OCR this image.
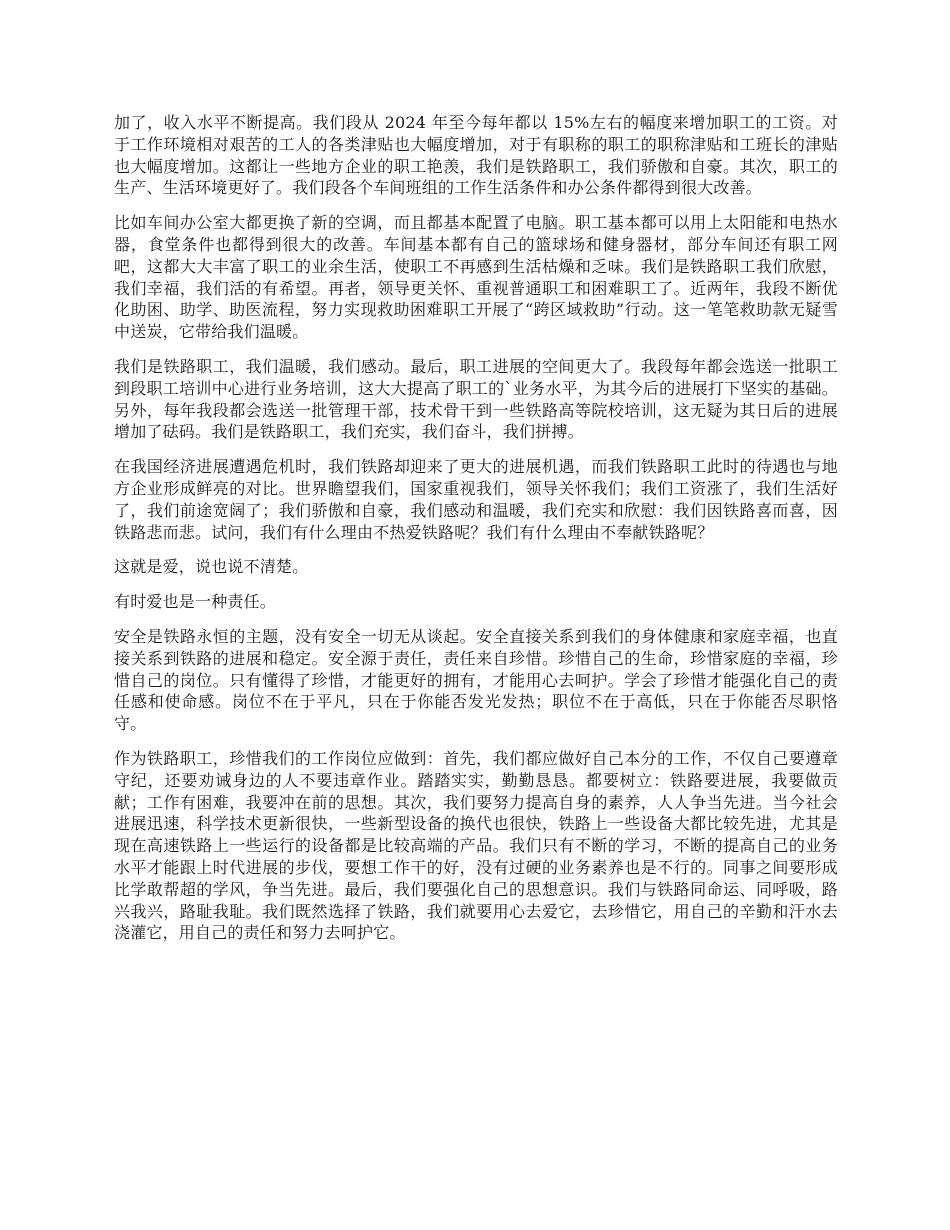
加了，收入水平不断提高。我们段从 2024 年至今每年都以 15%左右的幅度来增加职工的工资。对于工作环境相对艰苦的工人的各类津贴也大幅度增加，对于有职称的职工的职称津贴和工班长的津贴也大幅度增加。这都让一些地方企业的职工艳羡，我们是铁路职工，我们骄傲和自豪。其次，职工的生产、生活环境更好了。我们段各个车间班组的工作生活条件和办公条件都得到很大改善。

比如车间办公室大都更换了新的空调，而且都基本配置了电脑。职工基本都可以用上太阳能和电热水器，食堂条件也都得到很大的改善。车间基本都有自己的篮球场和健身器材，部分车间还有职工网吧，这都大大丰富了职工的业余生活，使职工不再感到生活枯燥和乏味。我们是铁路职工我们欣慰，我们幸福，我们活的有希望。再者，领导更关怀、重视普通职工和困难职工了。近两年，我段不断优化助困、助学、助医流程，努力实现救助困难职工开展了“跨区域救助”行动。这一笔笔救助款无疑雪中送炭，它带给我们温暖。

我们是铁路职工，我们温暖，我们感动。最后，职工进展的空间更大了。我段每年都会选送一批职工到段职工培训中心进行业务培训，这大大提高了职工的`业务水平，为其今后的进展打下坚实的基础。另外，每年我段都会选送一批管理干部，技术骨干到一些铁路高等院校培训，这无疑为其日后的进展增加了砝码。我们是铁路职工，我们充实，我们奋斗，我们拼搏。

在我国经济进展遭遇危机时，我们铁路却迎来了更大的进展机遇，而我们铁路职工此时的待遇也与地方企业形成鲜亮的对比。世界瞻望我们，国家重视我们，领导关怀我们；我们工资涨了，我们生活好了，我们前途宽阔了；我们骄傲和自豪，我们感动和温暖，我们充实和欣慰：我们因铁路喜而喜，因铁路悲而悲。试问，我们有什么理由不热爱铁路呢？我们有什么理由不奉献铁路呢？

这就是爱，说也说不清楚。

有时爱也是一种责任。

安全是铁路永恒的主题，没有安全一切无从谈起。安全直接关系到我们的身体健康和家庭幸福，也直接关系到铁路的进展和稳定。安全源于责任，责任来自珍惜。珍惜自己的生命，珍惜家庭的幸福，珍惜自己的岗位。只有懂得了珍惜，才能更好的拥有，才能用心去呵护。学会了珍惜才能强化自己的责任感和使命感。岗位不在于平凡，只在于你能否发光发热；职位不在于高低，只在于你能否尽职恪守。

作为铁路职工，珍惜我们的工作岗位应做到：首先，我们都应做好自己本分的工作，不仅自己要遵章守纪，还要劝诫身边的人不要违章作业。踏踏实实，勤勤恳恳。都要树立：铁路要进展，我要做贡献；工作有困难，我要冲在前的思想。其次，我们要努力提高自身的素养，人人争当先进。当今社会进展迅速，科学技术更新很快，一些新型设备的换代也很快，铁路上一些设备大都比较先进，尤其是现在高速铁路上一些运行的设备都是比较高端的产品。我们只有不断的学习，不断的提高自己的业务水平才能跟上时代进展的步伐，要想工作干的好，没有过硬的业务素养也是不行的。同事之间要形成比学敢帮超的学风，争当先进。最后，我们要强化自己的思想意识。我们与铁路同命运、同呼吸，路兴我兴，路耻我耻。我们既然选择了铁路，我们就要用心去爱它，去珍惜它，用自己的辛勤和汗水去浇灌它，用自己的责任和努力去呵护它。
